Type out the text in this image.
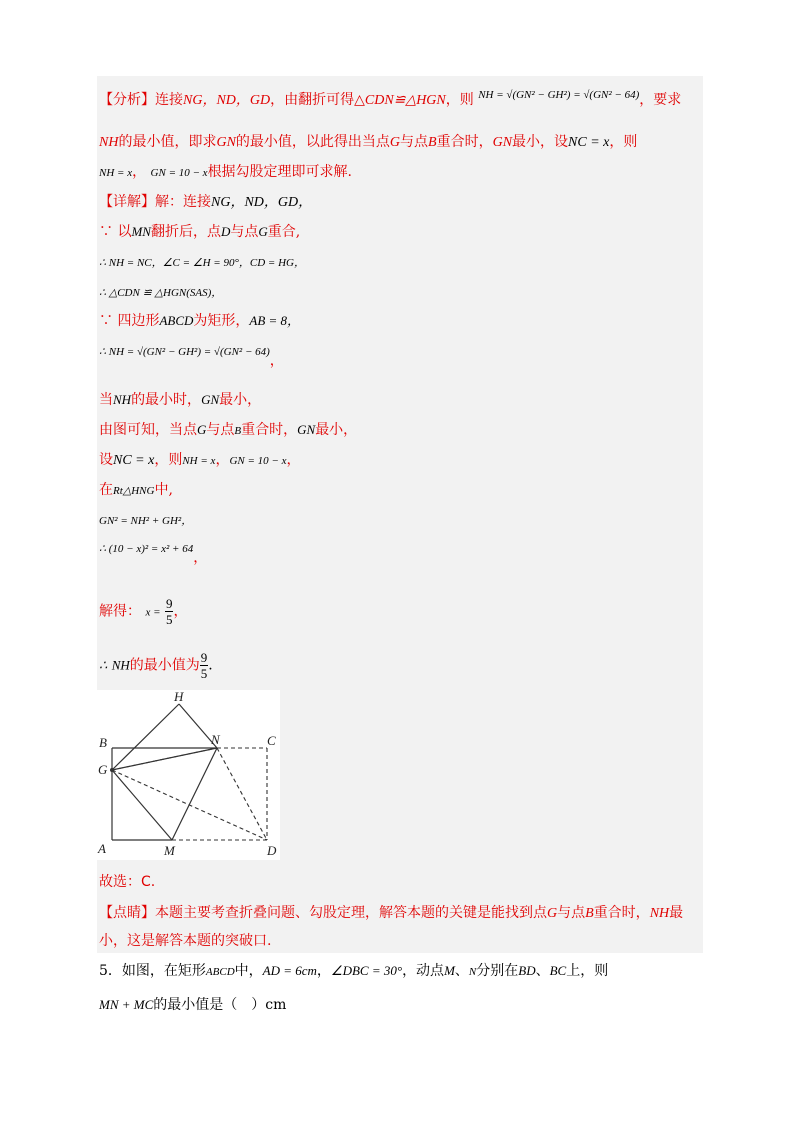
【分析】连接NG，ND，GD，由翻折可得△CDN≌△HGN，则 $^{NH = √(GN^2 - GH^2) = √(GN^2 - 64)}$，要求
NH的最小值，即求GN的最小值，以此得出当点G与点B重合时，GN最小，设NC = x，则
NH = x， GN = 10 − x根据勾股定理即可求解.
【详解】解：连接NG，ND，GD，
∵ 以MN翻折后，点D与点G重合,
∴ NH = NC，∠C = ∠H = 90°，CD = HG，
∴ △CDN ≌ △HGN(SAS)，
∵ 四边形ABCD为矩形，AB = 8，
∴ NH = √(GN² − GH²) = √(GN² − 64)，
当NH的最小时，GN最小，
由图可知，当点G与点B重合时，GN最小，
设NC = x，则NH = x，GN = 10 − x，
在Rt△HNG中,
GN² = NH² + GH²，
∴ (10 − x)² = x² + 64，
解得： $x = \frac{9}{5}$ ，
∴ NH的最小值为 $\frac{9}{5}$ .
H
B	N	C
G
A	M	D
故选：C.
【点睛】本题主要考查折叠问题、勾股定理，解答本题的关键是能找到点G与点B重合时，NH最
小，这是解答本题的突破口.
5．如图，在矩形ABCD中，AD = 6cm，∠DBC = 30°，动点M、N分别在BD、BC上，则
MN + MC的最小值是（　）cm
